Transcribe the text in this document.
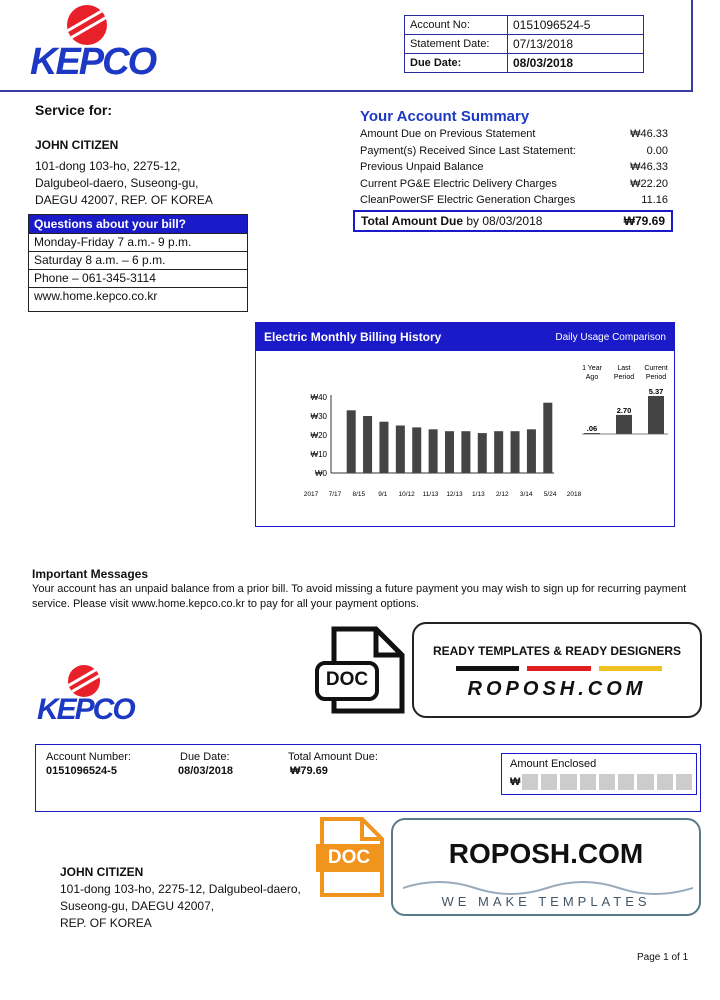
KEPCO
Account No:	0151096524-5
Statement Date:	07/13/2018
Due Date:	08/03/2018
Service for:
JOHN CITIZEN
101-dong 103-ho, 2275-12,
Dalgubeol-daero, Suseong-gu,
DAEGU 42007, REP. OF KOREA
Questions about your bill?
Monday-Friday 7 a.m.- 9 p.m.
Saturday 8 a.m. – 6 p.m.
Phone – 061-345-3114
www.home.kepco.co.kr
Your Account Summary
Amount Due on Previous Statement	₩46.33
Payment(s) Received Since Last Statement:	0.00
Previous Unpaid Balance	₩46.33
Current PG&E Electric Delivery Charges	₩22.20
CleanPowerSF Electric Generation Charges	11.16
Total Amount Due by 08/03/2018	₩79.69
Electric Monthly Billing History	Daily Usage Comparison
₩40
₩30
₩20
₩10
₩0
2017 7/17 8/15 9/1 10/12 11/13 12/13 1/13 2/12 3/14 5/24 2018
1 Year
Ago
Last
Period
Current
Period
.06
2.70
5.37
Important Messages
Your account has an unpaid balance from a prior bill. To avoid missing a future payment you may wish to sign up for recurring payment service. Please visit www.home.kepco.co.kr to pay for all your payment options.
KEPCO
DOC
READY TEMPLATES & READY DESIGNERS
ROPOSH.COM
Account Number:
0151096524-5
Due Date:
08/03/2018
Total Amount Due:
₩79.69
Amount Enclosed
₩
JOHN CITIZEN
101-dong 103-ho, 2275-12, Dalgubeol-daero,
Suseong-gu, DAEGU 42007,
REP. OF KOREA
DOC	ROPOSH.COM
WE MAKE TEMPLATES
Page 1 of 1
